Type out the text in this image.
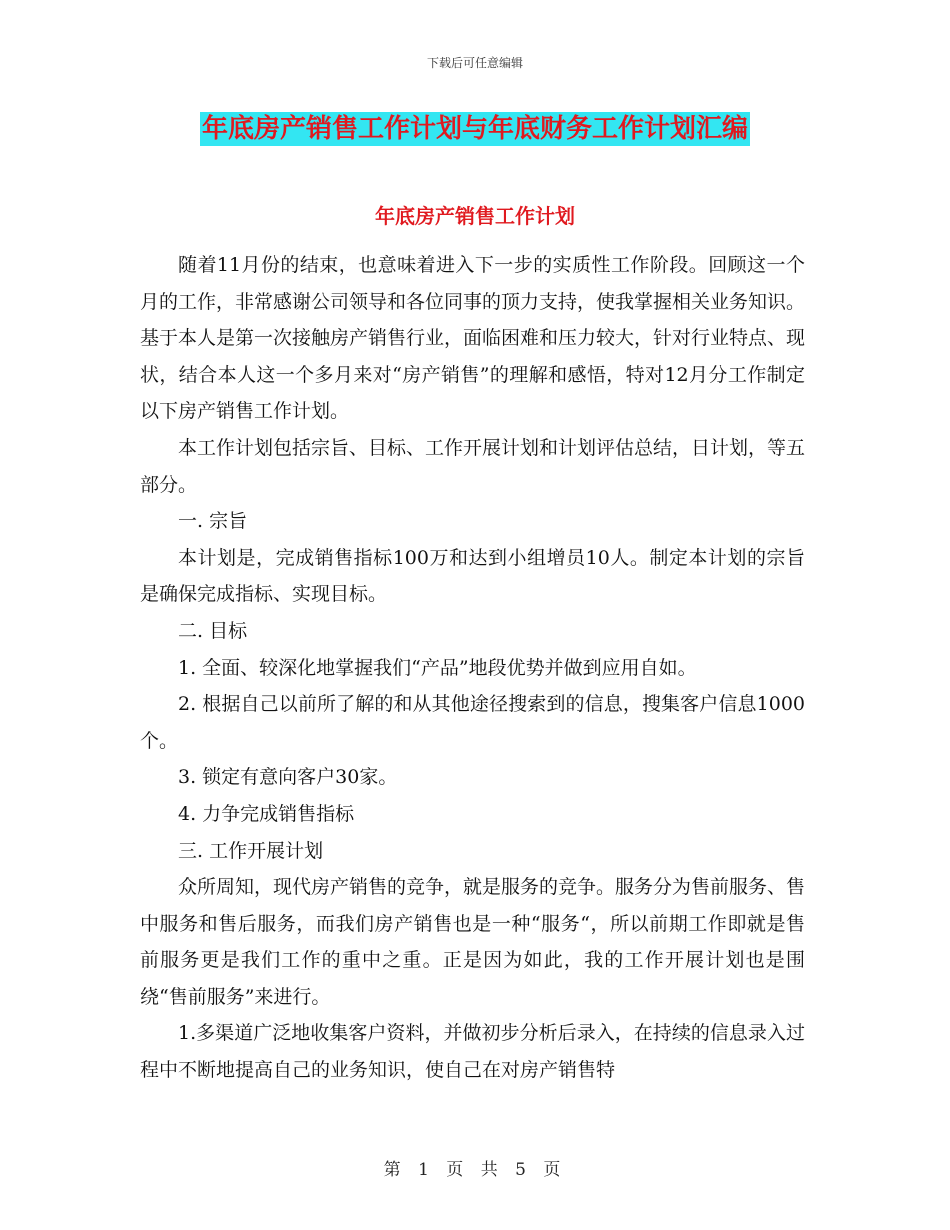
下载后可任意编辑
年底房产销售工作计划与年底财务工作计划汇编
年底房产销售工作计划

随着11月份的结束，也意味着进入下一步的实质性工作阶段。回顾这一个月的工作，非常感谢公司领导和各位同事的顶力支持，使我掌握相关业务知识。基于本人是第一次接触房产销售行业，面临困难和压力较大，针对行业特点、现状，结合本人这一个多月来对“房产销售”的理解和感悟，特对12月分工作制定以下房产销售工作计划。

本工作计划包括宗旨、目标、工作开展计划和计划评估总结，日计划，等五部分。

一. 宗旨

本计划是，完成销售指标100万和达到小组增员10人。制定本计划的宗旨是确保完成指标、实现目标。

二. 目标

1. 全面、较深化地掌握我们“产品”地段优势并做到应用自如。

2. 根据自己以前所了解的和从其他途径搜索到的信息，搜集客户信息1000个。

3. 锁定有意向客户30家。

4. 力争完成销售指标

三. 工作开展计划

众所周知，现代房产销售的竞争，就是服务的竞争。服务分为售前服务、售中服务和售后服务，而我们房产销售也是一种“服务“，所以前期工作即就是售前服务更是我们工作的重中之重。正是因为如此，我的工作开展计划也是围绕“售前服务”来进行。

1.多渠道广泛地收集客户资料，并做初步分析后录入，在持续的信息录入过程中不断地提高自己的业务知识，使自己在对房产销售特

第 1 页 共 5 页
